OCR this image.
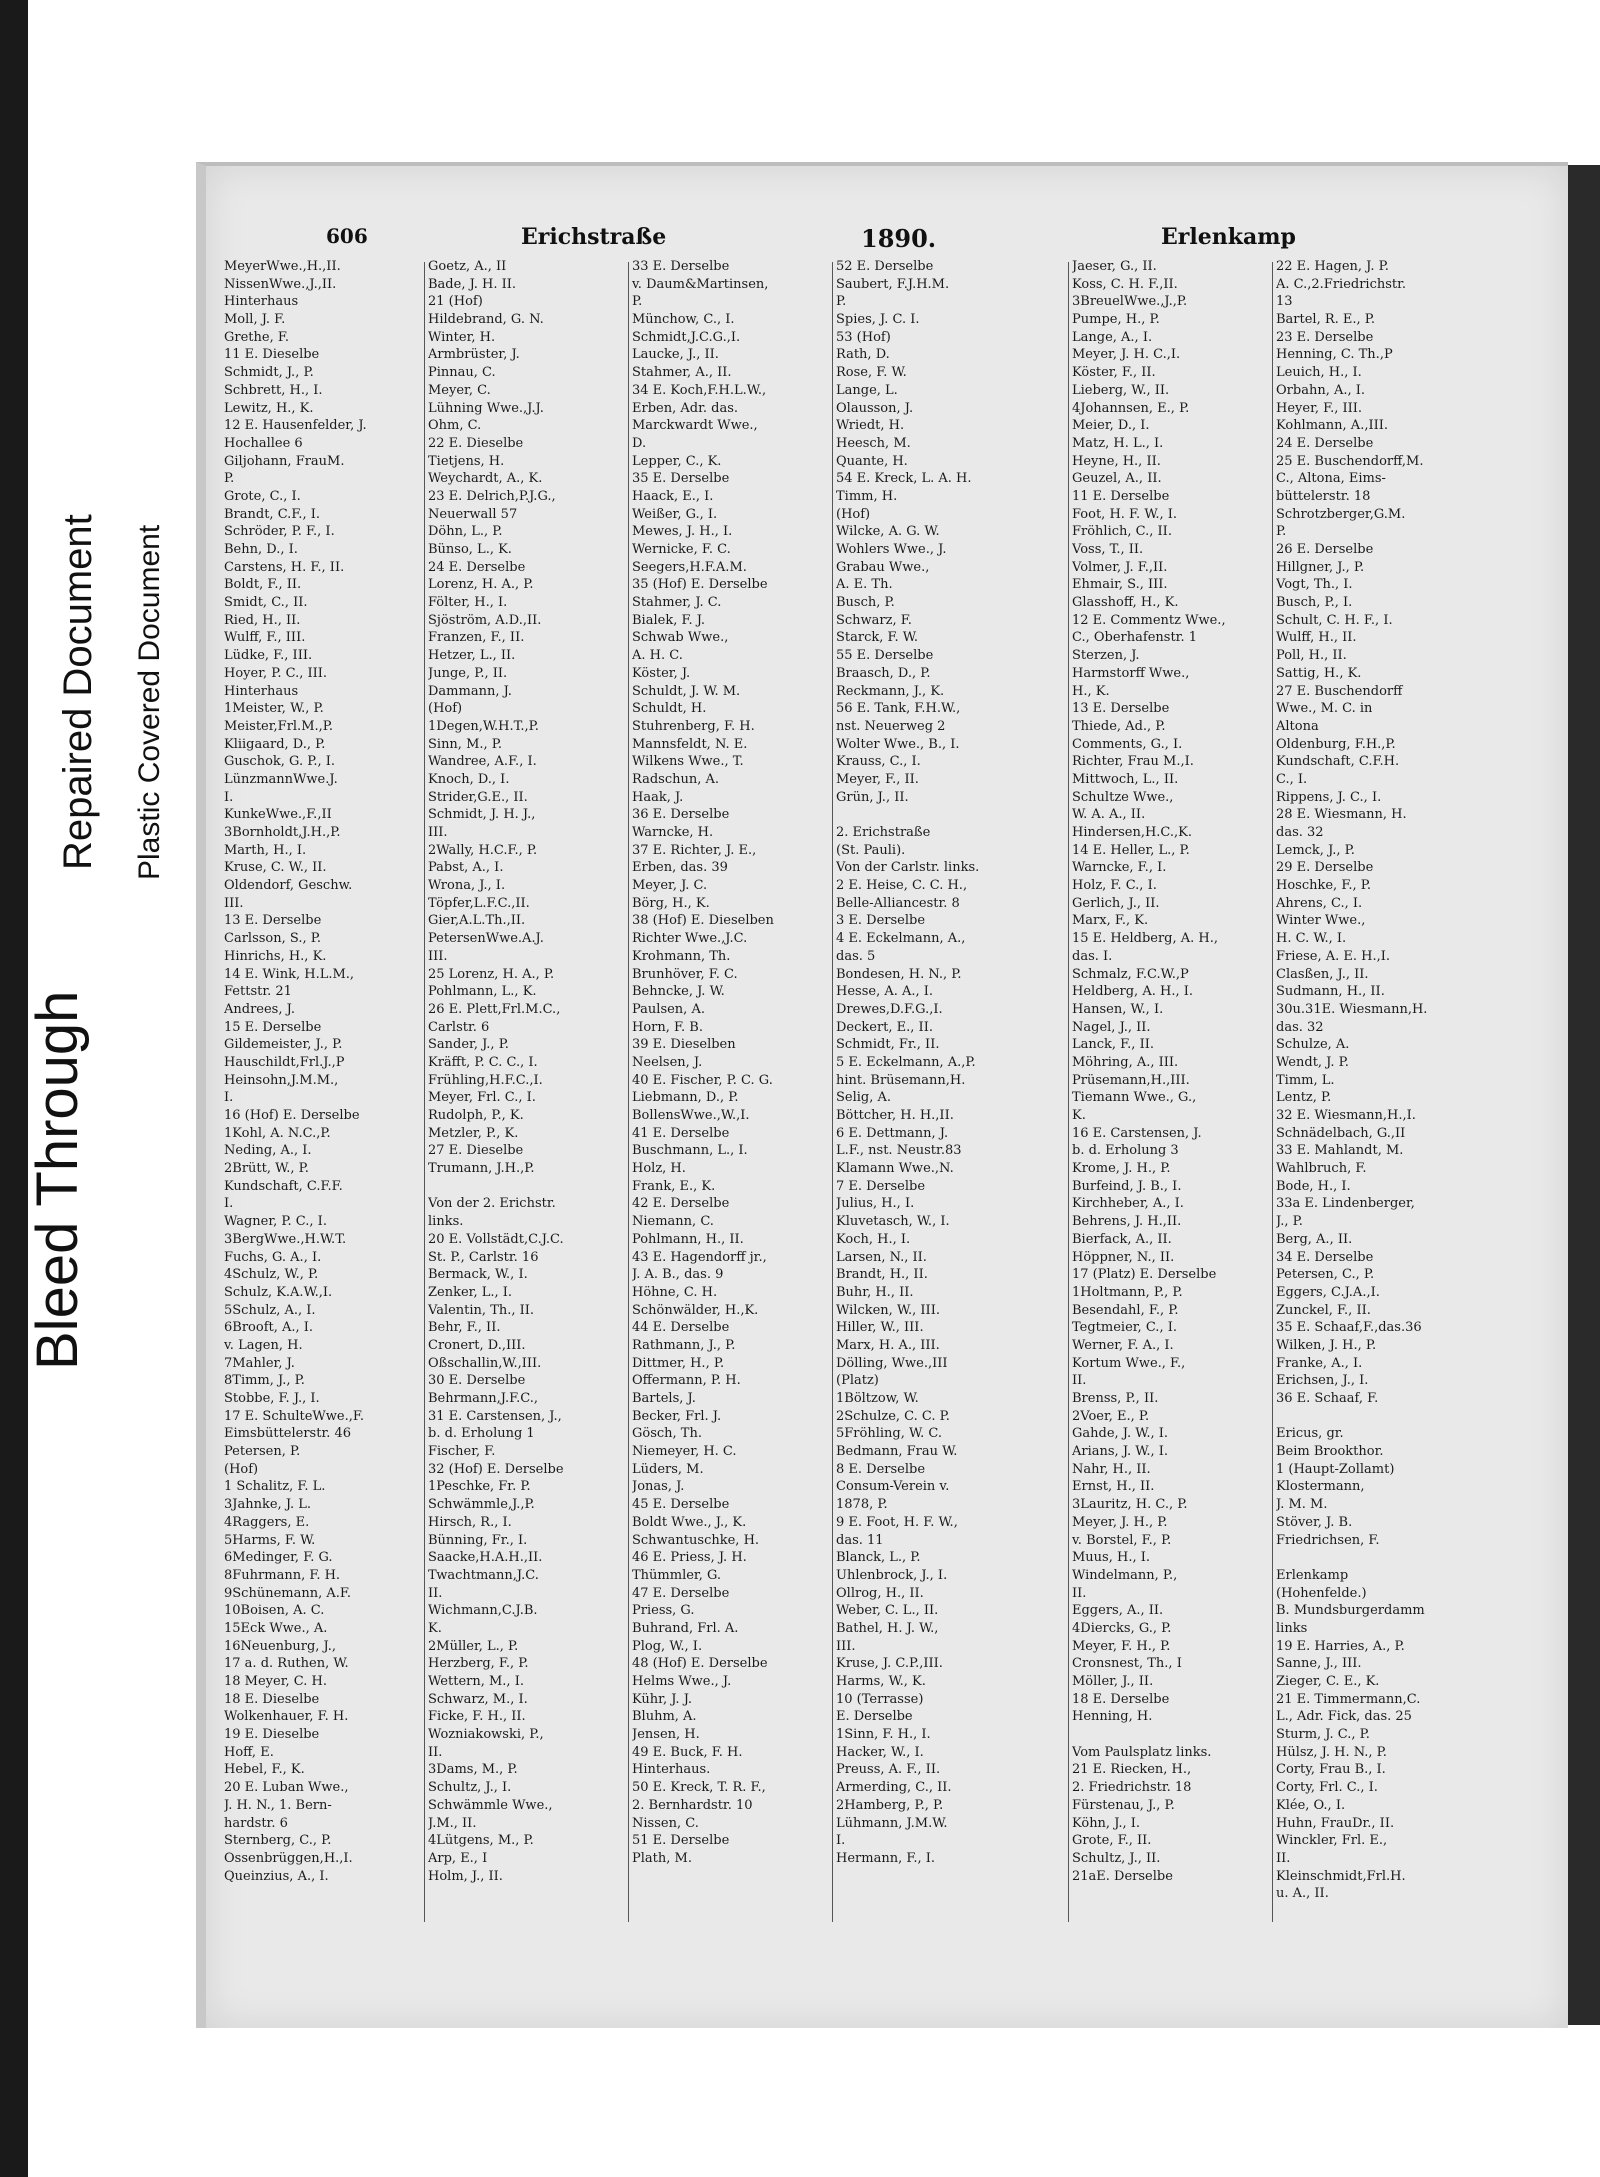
Bleed Through
Repaired Document Plastic Covered Document
606	Erichstraße	1890.	Erlenkamp
MeyerWwe.,H.,II.
NissenWwe.,J.,II.
Hinterhaus
Moll, J. F.
Grethe, F.
11 E. Dieselbe
Schmidt, J., P.
Schbrett, H., I.
Lewitz, H., K.
12 E. Hausenfelder, J.
Hochallee 6
Giljohann, FrauM.
P.
Grote, C., I.
Brandt, C.F., I.
Schröder, P. F., I.
Behn, D., I.
Carstens, H. F., II.
Boldt, F., II.
Smidt, C., II.
Ried, H., II.
Wulff, F., III.
Lüdke, F., III.
Hoyer, P. C., III.
Hinterhaus
1Meister, W., P.
Meister,Frl.M.,P.
Kliigaard, D., P.
Guschok, G. P., I.
LünzmannWwe.J.
I.
KunkeWwe.,F.,II
3Bornholdt,J.H.,P.
Marth, H., I.
Kruse, C. W., II.
Oldendorf, Geschw.
III.
13 E. Derselbe
Carlsson, S., P.
Hinrichs, H., K.
14 E. Wink, H.L.M.,
Fettstr. 21
Andrees, J.
15 E. Derselbe
Gildemeister, J., P.
Hauschildt,Frl.J.,P
Heinsohn,J.M.M.,
I.
16 (Hof) E. Derselbe
1Kohl, A. N.C.,P.
Neding, A., I.
2Brütt, W., P.
Kundschaft, C.F.F.
I.
Wagner, P. C., I.
3BergWwe.,H.W.T.
Fuchs, G. A., I.
4Schulz, W., P.
Schulz, K.A.W.,I.
5Schulz, A., I.
6Brooft, A., I.
v. Lagen, H.
7Mahler, J.
8Timm, J., P.
Stobbe, F. J., I.
17 E. SchulteWwe.,F.
Eimsbüttelerstr. 46
Petersen, P.
(Hof)
1 Schalitz, F. L.
3Jahnke, J. L.
4Raggers, E.
5Harms, F. W.
6Medinger, F. G.
8Fuhrmann, F. H.
9Schünemann, A.F.
10Boisen, A. C.
15Eck Wwe., A.
16Neuenburg, J.,
17 a. d. Ruthen, W.
18 Meyer, C. H.
18 E. Dieselbe
Wolkenhauer, F. H.
19 E. Dieselbe
Hoff, E.
Hebel, F., K.
20 E. Luban Wwe.,
J. H. N., 1. Bern-
hardstr. 6
Sternberg, C., P.
Ossenbrüggen,H.,I.
Queinzius, A., I.
Goetz, A., II
Bade, J. H. II.
21 (Hof)
Hildebrand, G. N.
Winter, H.
Armbrüster, J.
Pinnau, C.
Meyer, C.
Lühning Wwe.,J.J.
Ohm, C.
22 E. Dieselbe
Tietjens, H.
Weychardt, A., K.
23 E. Delrich,P.J.G.,
Neuerwall 57
Döhn, L., P.
Bünso, L., K.
24 E. Derselbe
Lorenz, H. A., P.
Fölter, H., I.
Sjöström, A.D.,II.
Franzen, F., II.
Hetzer, L., II.
Junge, P., II.
Dammann, J.
(Hof)
1Degen,W.H.T.,P.
Sinn, M., P.
Wandree, A.F., I.
Knoch, D., I.
Strider,G.E., II.
Schmidt, J. H. J.,
III.
2Wally, H.C.F., P.
Pabst, A., I.
Wrona, J., I.
Töpfer,L.F.C.,II.
Gier,A.L.Th.,II.
PetersenWwe.A.J.
III.
25 Lorenz, H. A., P.
Pohlmann, L., K.
26 E. Plett,Frl.M.C.,
Carlstr. 6
Sander, J., P.
Kräfft, P. C. C., I.
Frühling,H.F.C.,I.
Meyer, Frl. C., I.
Rudolph, P., K.
Metzler, P., K.
27 E. Dieselbe
Trumann, J.H.,P.
Von der 2. Erichstr.
links.
20 E. Vollstädt,C.J.C.
St. P., Carlstr. 16
Bermack, W., I.
Zenker, L., I.
Valentin, Th., II.
Behr, F., II.
Cronert, D.,III.
Oßschallin,W.,III.
30 E. Derselbe
Behrmann,J.F.C.,
31 E. Carstensen, J.,
b. d. Erholung 1
Fischer, F.
32 (Hof) E. Derselbe
1Peschke, Fr. P.
Schwämmle,J.,P.
Hirsch, R., I.
Bünning, Fr., I.
Saacke,H.A.H.,II.
Twachtmann,J.C.
II.
Wichmann,C.J.B.
K.
2Müller, L., P.
Herzberg, F., P.
Wettern, M., I.
Schwarz, M., I.
Ficke, F. H., II.
Wozniakowski, P.,
II.
3Dams, M., P.
Schultz, J., I.
Schwämmle Wwe.,
J.M., II.
4Lütgens, M., P.
Arp, E., I
Holm, J., II.
33 E. Derselbe
v. Daum&Martinsen,
P.
Münchow, C., I.
Schmidt,J.C.G.,I.
Laucke, J., II.
Stahmer, A., II.
34 E. Koch,F.H.L.W.,
Erben, Adr. das.
Marckwardt Wwe.,
D.
Lepper, C., K.
35 E. Derselbe
Haack, E., I.
Weißer, G., I.
Mewes, J. H., I.
Wernicke, F. C.
Seegers,H.F.A.M.
35 (Hof) E. Derselbe
Stahmer, J. C.
Bialek, F. J.
Schwab Wwe.,
A. H. C.
Köster, J.
Schuldt, J. W. M.
Schuldt, H.
Stuhrenberg, F. H.
Mannsfeldt, N. E.
Wilkens Wwe., T.
Radschun, A.
Haak, J.
36 E. Derselbe
Warncke, H.
37 E. Richter, J. E.,
Erben, das. 39
Meyer, J. C.
Börg, H., K.
38 (Hof) E. Dieselben
Richter Wwe.,J.C.
Krohmann, Th.
Brunhöver, F. C.
Behncke, J. W.
Paulsen, A.
Horn, F. B.
39 E. Dieselben
Neelsen, J.
40 E. Fischer, P. C. G.
Liebmann, D., P.
BollensWwe.,W.,I.
41 E. Derselbe
Buschmann, L., I.
Holz, H.
Frank, E., K.
42 E. Derselbe
Niemann, C.
Pohlmann, H., II.
43 E. Hagendorff jr.,
J. A. B., das. 9
Höhne, C. H.
Schönwälder, H.,K.
44 E. Derselbe
Rathmann, J., P.
Dittmer, H., P.
Offermann, P. H.
Bartels, J.
Becker, Frl. J.
Gösch, Th.
Niemeyer, H. C.
Lüders, M.
Jonas, J.
45 E. Derselbe
Boldt Wwe., J., K.
Schwantuschke, H.
46 E. Priess, J. H.
Thümmler, G.
47 E. Derselbe
Priess, G.
Buhrand, Frl. A.
Plog, W., I.
48 (Hof) E. Derselbe
Helms Wwe., J.
Kühr, J. J.
Bluhm, A.
Jensen, H.
49 E. Buck, F. H.
Hinterhaus.
50 E. Kreck, T. R. F.,
2. Bernhardstr. 10
Nissen, C.
51 E. Derselbe
Plath, M.
52 E. Derselbe
Saubert, F.J.H.M.
P.
Spies, J. C. I.
53 (Hof)
Rath, D.
Rose, F. W.
Lange, L.
Olausson, J.
Wriedt, H.
Heesch, M.
Quante, H.
54 E. Kreck, L. A. H.
Timm, H.
(Hof)
Wilcke, A. G. W.
Wohlers Wwe., J.
Grabau Wwe.,
A. E. Th.
Busch, P.
Schwarz, F.
Starck, F. W.
55 E. Derselbe
Braasch, D., P.
Reckmann, J., K.
56 E. Tank, F.H.W.,
nst. Neuerweg 2
Wolter Wwe., B., I.
Krauss, C., I.
Meyer, F., II.
Grün, J., II.
2. Erichstraße
(St. Pauli).
Von der Carlstr. links.
2 E. Heise, C. C. H.,
Belle-Alliancestr. 8
3 E. Derselbe
4 E. Eckelmann, A.,
das. 5
Bondesen, H. N., P.
Hesse, A. A., I.
Drewes,D.F.G.,I.
Deckert, E., II.
Schmidt, Fr., II.
5 E. Eckelmann, A.,P.
hint. Brüsemann,H.
Selig, A.
Böttcher, H. H.,II.
6 E. Dettmann, J.
L.F., nst. Neustr.83
Klamann Wwe.,N.
7 E. Derselbe
Julius, H., I.
Kluvetasch, W., I.
Koch, H., I.
Larsen, N., II.
Brandt, H., II.
Buhr, H., II.
Wilcken, W., III.
Hiller, W., III.
Marx, H. A., III.
Dölling, Wwe.,III
(Platz)
1Böltzow, W.
2Schulze, C. C. P.
5Fröhling, W. C.
Bedmann, Frau W.
8 E. Derselbe
Consum-Verein v.
1878, P.
9 E. Foot, H. F. W.,
das. 11
Blanck, L., P.
Uhlenbrock, J., I.
Ollrog, H., II.
Weber, C. L., II.
Bathel, H. J. W.,
III.
Kruse, J. C.P.,III.
Harms, W., K.
10 (Terrasse)
E. Derselbe
1Sinn, F. H., I.
Hacker, W., I.
Preuss, A. F., II.
Armerding, C., II.
2Hamberg, P., P.
Lühmann, J.M.W.
I.
Hermann, F., I.
Jaeser, G., II.
Koss, C. H. F.,II.
3BreuelWwe.,J.,P.
Pumpe, H., P.
Lange, A., I.
Meyer, J. H. C.,I.
Köster, F., II.
Lieberg, W., II.
4Johannsen, E., P.
Meier, D., I.
Matz, H. L., I.
Heyne, H., II.
Geuzel, A., II.
11 E. Derselbe
Foot, H. F. W., I.
Fröhlich, C., II.
Voss, T., II.
Volmer, J. F.,II.
Ehmair, S., III.
Glasshoff, H., K.
12 E. Commentz Wwe.,
C., Oberhafenstr. 1
Sterzen, J.
Harmstorff Wwe.,
H., K.
13 E. Derselbe
Thiede, Ad., P.
Comments, G., I.
Richter, Frau M.,I.
Mittwoch, L., II.
Schultze Wwe.,
W. A. A., II.
Hindersen,H.C.,K.
14 E. Heller, L., P.
Warncke, F., I.
Holz, F. C., I.
Gerlich, J., II.
Marx, F., K.
15 E. Heldberg, A. H.,
das. I.
Schmalz, F.C.W.,P
Heldberg, A. H., I.
Hansen, W., I.
Nagel, J., II.
Lanck, F., II.
Möhring, A., III.
Prüsemann,H.,III.
Tiemann Wwe., G.,
K.
16 E. Carstensen, J.
b. d. Erholung 3
Krome, J. H., P.
Burfeind, J. B., I.
Kirchheber, A., I.
Behrens, J. H.,II.
Bierfack, A., II.
Höppner, N., II.
17 (Platz) E. Derselbe
1Holtmann, P., P.
Besendahl, F., P.
Tegtmeier, C., I.
Werner, F. A., I.
Kortum Wwe., F.,
II.
Brenss, P., II.
2Voer, E., P.
Gahde, J. W., I.
Arians, J. W., I.
Nahr, H., II.
Ernst, H., II.
3Lauritz, H. C., P.
Meyer, J. H., P.
v. Borstel, F., P.
Muus, H., I.
Windelmann, P.,
II.
Eggers, A., II.
4Diercks, G., P.
Meyer, F. H., P.
Cronsnest, Th., I
Möller, J., II.
18 E. Derselbe
Henning, H.
Vom Paulsplatz links.
21 E. Riecken, H.,
2. Friedrichstr. 18
Fürstenau, J., P.
Köhn, J., I.
Grote, F., II.
Schultz, J., II.
21aE. Derselbe
22 E. Hagen, J. P.
A. C.,2.Friedrichstr.
13
Bartel, R. E., P.
23 E. Derselbe
Henning, C. Th.,P
Leuich, H., I.
Orbahn, A., I.
Heyer, F., III.
Kohlmann, A.,III.
24 E. Derselbe
25 E. Buschendorff,M.
C., Altona, Eims-
büttelerstr. 18
Schrotzberger,G.M.
P.
26 E. Derselbe
Hillgner, J., P.
Vogt, Th., I.
Busch, P., I.
Schult, C. H. F., I.
Wulff, H., II.
Poll, H., II.
Sattig, H., K.
27 E. Buschendorff
Wwe., M. C. in
Altona
Oldenburg, F.H.,P.
Kundschaft, C.F.H.
C., I.
Rippens, J. C., I.
28 E. Wiesmann, H.
das. 32
Lemck, J., P.
29 E. Derselbe
Hoschke, F., P.
Ahrens, C., I.
Winter Wwe.,
H. C. W., I.
Friese, A. E. H.,I.
Clasßen, J., II.
Sudmann, H., II.
30u.31E. Wiesmann,H.
das. 32
Schulze, A.
Wendt, J. P.
Timm, L.
Lentz, P.
32 E. Wiesmann,H.,I.
Schnädelbach, G.,II
33 E. Mahlandt, M.
Wahlbruch, F.
Bode, H., I.
33a E. Lindenberger,
J., P.
Berg, A., II.
34 E. Derselbe
Petersen, C., P.
Eggers, C.J.A.,I.
Zunckel, F., II.
35 E. Schaaf,F.,das.36
Wilken, J. H., P.
Franke, A., I.
Erichsen, J., I.
36 E. Schaaf, F.
Ericus, gr.
Beim Brookthor.
1 (Haupt-Zollamt)
Klostermann,
J. M. M.
Stöver, J. B.
Friedrichsen, F.
Erlenkamp
(Hohenfelde.)
B. Mundsburgerdamm
links
19 E. Harries, A., P.
Sanne, J., III.
Zieger, C. E., K.
21 E. Timmermann,C.
L., Adr. Fick, das. 25
Sturm, J. C., P.
Hülsz, J. H. N., P.
Corty, Frau B., I.
Corty, Frl. C., I.
Klée, O., I.
Huhn, FrauDr., II.
Winckler, Frl. E.,
II.
Kleinschmidt,Frl.H.
u. A., II.
